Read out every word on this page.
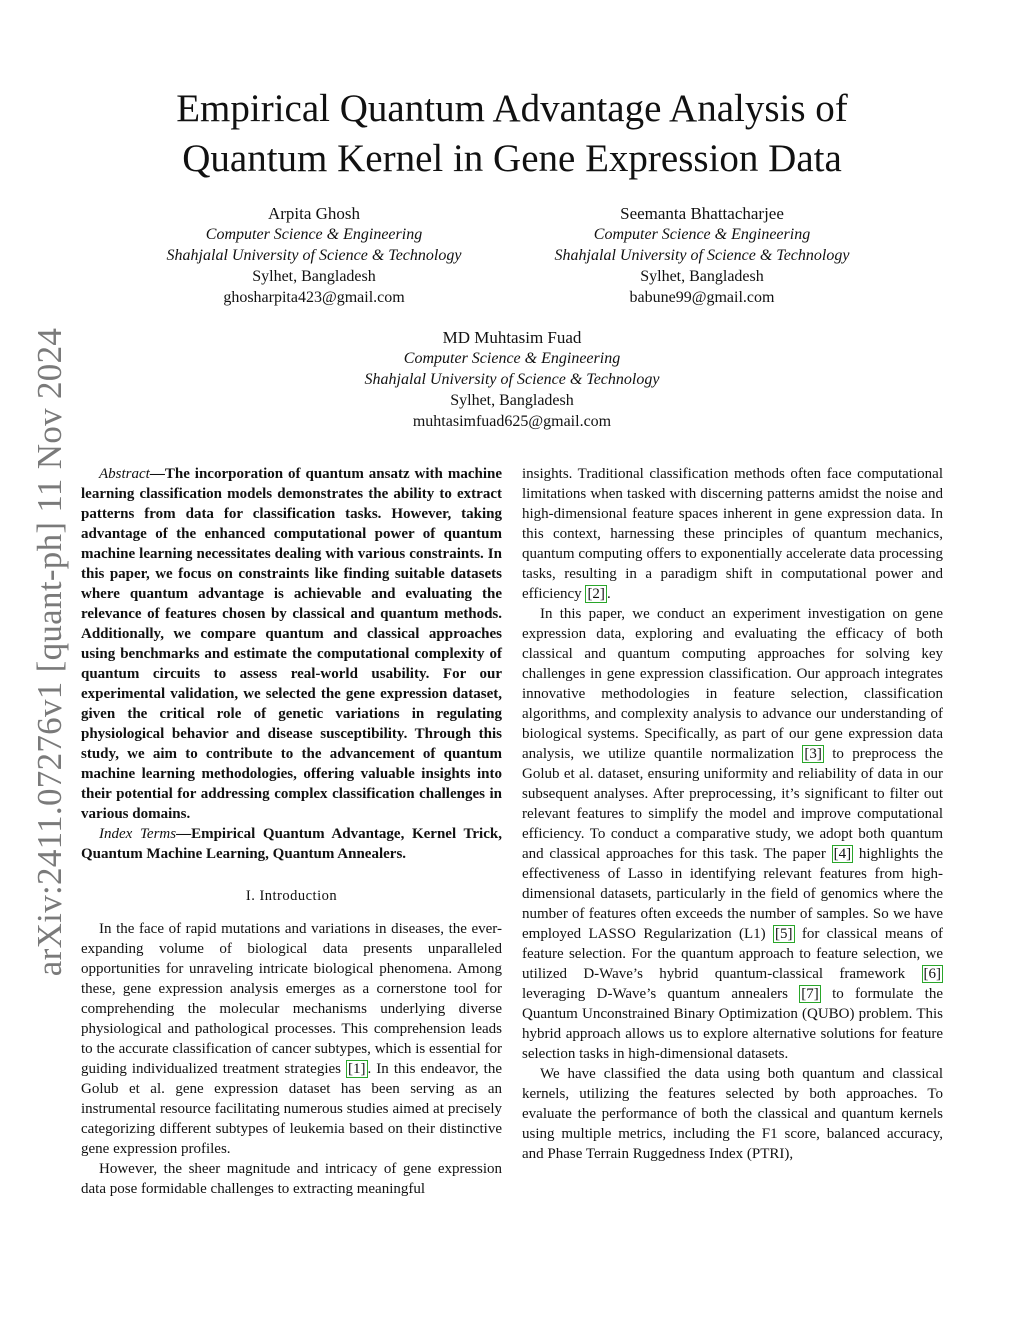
arXiv:2411.07276v1 [quant-ph] 11 Nov 2024
Empirical Quantum Advantage Analysis of
Quantum Kernel in Gene Expression Data
Arpita Ghosh
Computer Science & Engineering
Shahjalal University of Science & Technology
Sylhet, Bangladesh
ghosharpita423@gmail.com
Seemanta Bhattacharjee
Computer Science & Engineering
Shahjalal University of Science & Technology
Sylhet, Bangladesh
babune99@gmail.com
MD Muhtasim Fuad
Computer Science & Engineering
Shahjalal University of Science & Technology
Sylhet, Bangladesh
muhtasimfuad625@gmail.com

Abstract—The incorporation of quantum ansatz with machine learning classification models demonstrates the ability to extract patterns from data for classification tasks. However, taking advantage of the enhanced computational power of quantum machine learning necessitates dealing with various constraints. In this paper, we focus on constraints like finding suitable datasets where quantum advantage is achievable and evaluating the relevance of features chosen by classical and quantum methods. Additionally, we compare quantum and classical approaches using benchmarks and estimate the computational complexity of quantum circuits to assess real-world usability. For our experimental validation, we selected the gene expression dataset, given the critical role of genetic variations in regulating physiological behavior and disease susceptibility. Through this study, we aim to contribute to the advancement of quantum machine learning methodologies, offering valuable insights into their potential for addressing complex classification challenges in various domains.

Index Terms—Empirical Quantum Advantage, Kernel Trick, Quantum Machine Learning, Quantum Annealers.

I. Introduction

In the face of rapid mutations and variations in diseases, the ever-expanding volume of biological data presents unparalleled opportunities for unraveling intricate biological phenomena. Among these, gene expression analysis emerges as a cornerstone tool for comprehending the molecular mechanisms underlying diverse physiological and pathological processes. This comprehension leads to the accurate classification of cancer subtypes, which is essential for guiding individualized treatment strategies [1] . In this endeavor, the Golub et al. gene expression dataset has been serving as an instrumental resource facilitating numerous studies aimed at precisely categorizing different subtypes of leukemia based on their distinctive gene expression profiles.

However, the sheer magnitude and intricacy of gene expression data pose formidable challenges to extracting meaningful

insights. Traditional classification methods often face computational limitations when tasked with discerning patterns amidst the noise and high-dimensional feature spaces inherent in gene expression data. In this context, harnessing these principles of quantum mechanics, quantum computing offers to exponentially accelerate data processing tasks, resulting in a paradigm shift in computational power and efficiency [2] .

In this paper, we conduct an experiment investigation on gene expression data, exploring and evaluating the efficacy of both classical and quantum computing approaches for solving key challenges in gene expression classification. Our approach integrates innovative methodologies in feature selection, classification algorithms, and complexity analysis to advance our understanding of biological systems. Specifically, as part of our gene expression data analysis, we utilize quantile normalization [3] to preprocess the Golub et al. dataset, ensuring uniformity and reliability of data in our subsequent analyses. After preprocessing, it’s significant to filter out relevant features to simplify the model and improve computational efficiency. To conduct a comparative study, we adopt both quantum and classical approaches for this task. The paper [4] highlights the effectiveness of Lasso in identifying relevant features from high-dimensional datasets, particularly in the field of genomics where the number of features often exceeds the number of samples. So we have employed LASSO Regularization (L1) [5] for classical means of feature selection. For the quantum approach to feature selection, we utilized D-Wave’s hybrid quantum-classical framework [6] leveraging D-Wave’s quantum annealers [7] to formulate the Quantum Unconstrained Binary Optimization (QUBO) problem. This hybrid approach allows us to explore alternative solutions for feature selection tasks in high-dimensional datasets.

We have classified the data using both quantum and classical kernels, utilizing the features selected by both approaches. To evaluate the performance of both the classical and quantum kernels using multiple metrics, including the F1 score, balanced accuracy, and Phase Terrain Ruggedness Index (PTRI),
